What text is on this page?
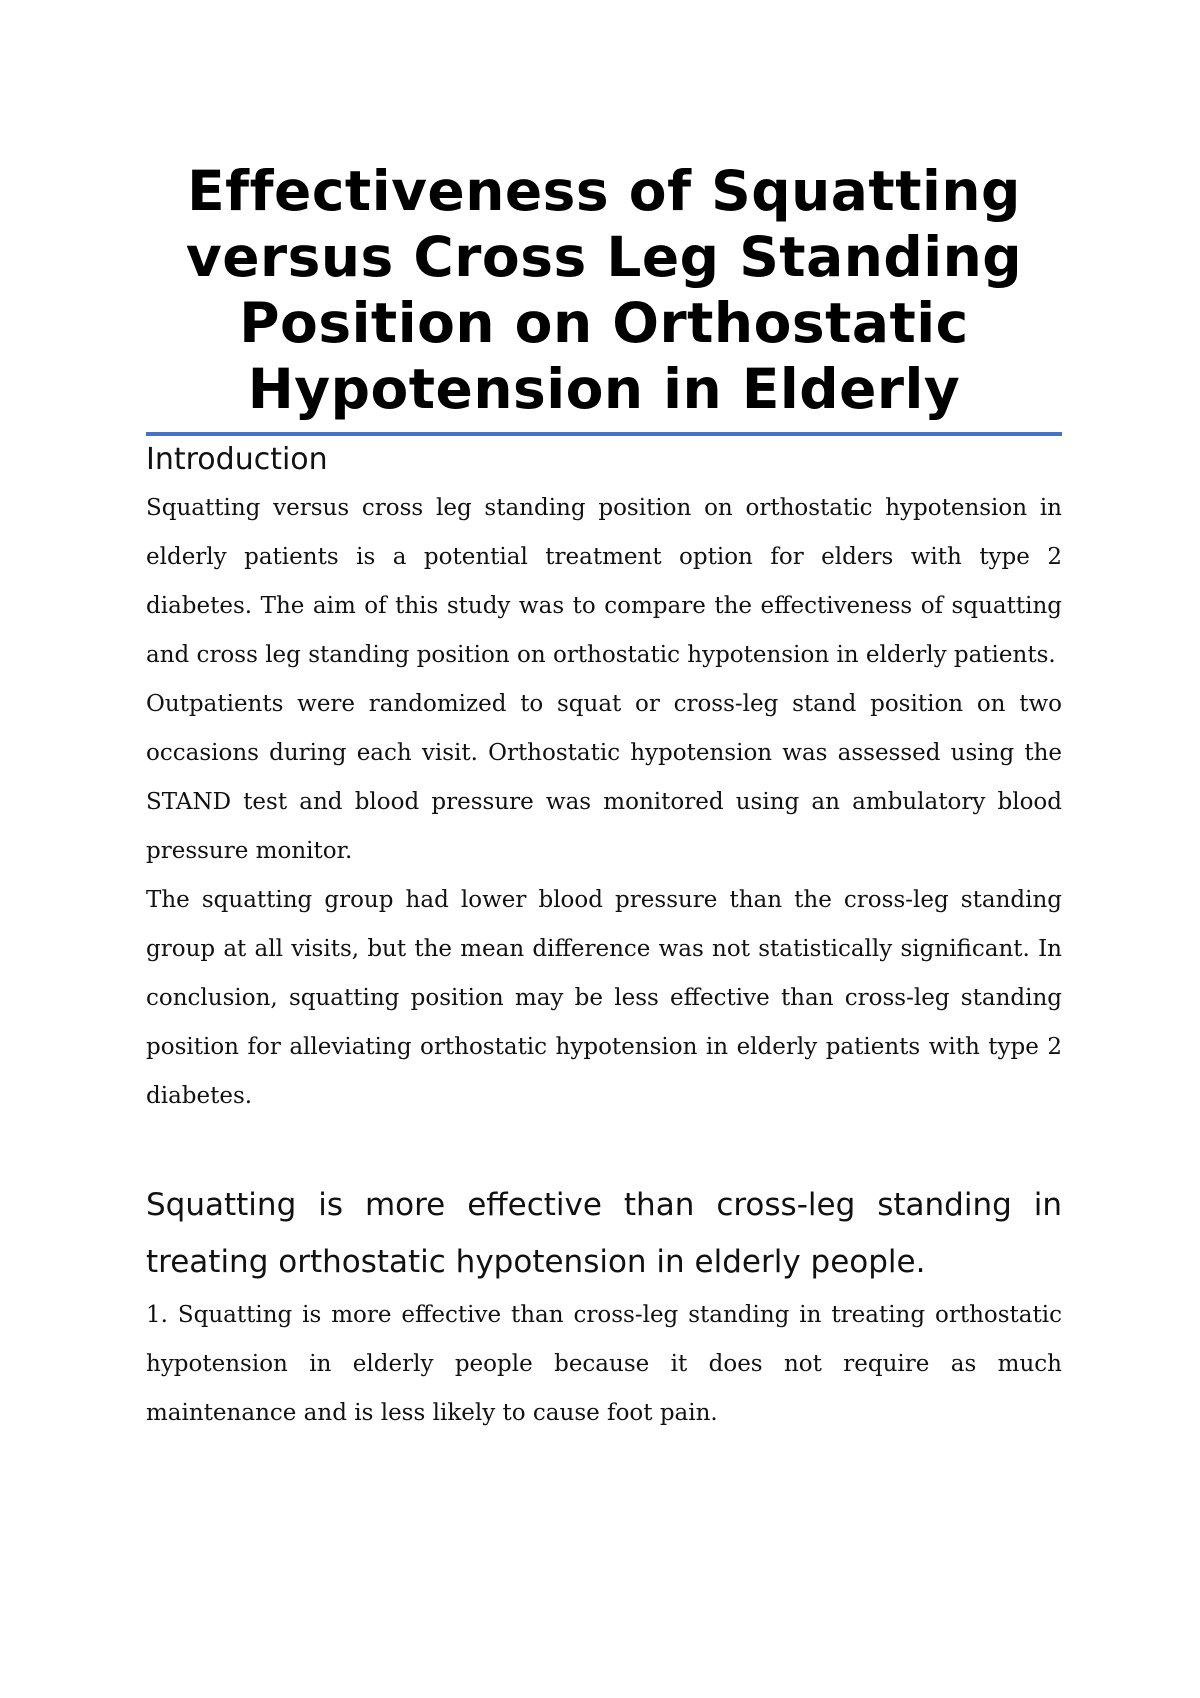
Effectiveness of Squatting versus Cross Leg Standing Position on Orthostatic Hypotension in Elderly
Introduction

Squatting versus cross leg standing position on orthostatic hypotension in elderly patients is a potential treatment option for elders with type 2 diabetes. The aim of this study was to compare the effectiveness of squatting and cross leg standing position on orthostatic hypotension in elderly patients.

Outpatients were randomized to squat or cross-leg stand position on two occasions during each visit. Orthostatic hypotension was assessed using the STAND test and blood pressure was monitored using an ambulatory blood pressure monitor.

The squatting group had lower blood pressure than the cross-leg standing group at all visits, but the mean difference was not statistically significant. In conclusion, squatting position may be less effective than cross-leg standing position for alleviating orthostatic hypotension in elderly patients with type 2 diabetes.

Squatting is more effective than cross-leg standing in treating orthostatic hypotension in elderly people.

1. Squatting is more effective than cross-leg standing in treating orthostatic hypotension in elderly people because it does not require as much maintenance and is less likely to cause foot pain.
